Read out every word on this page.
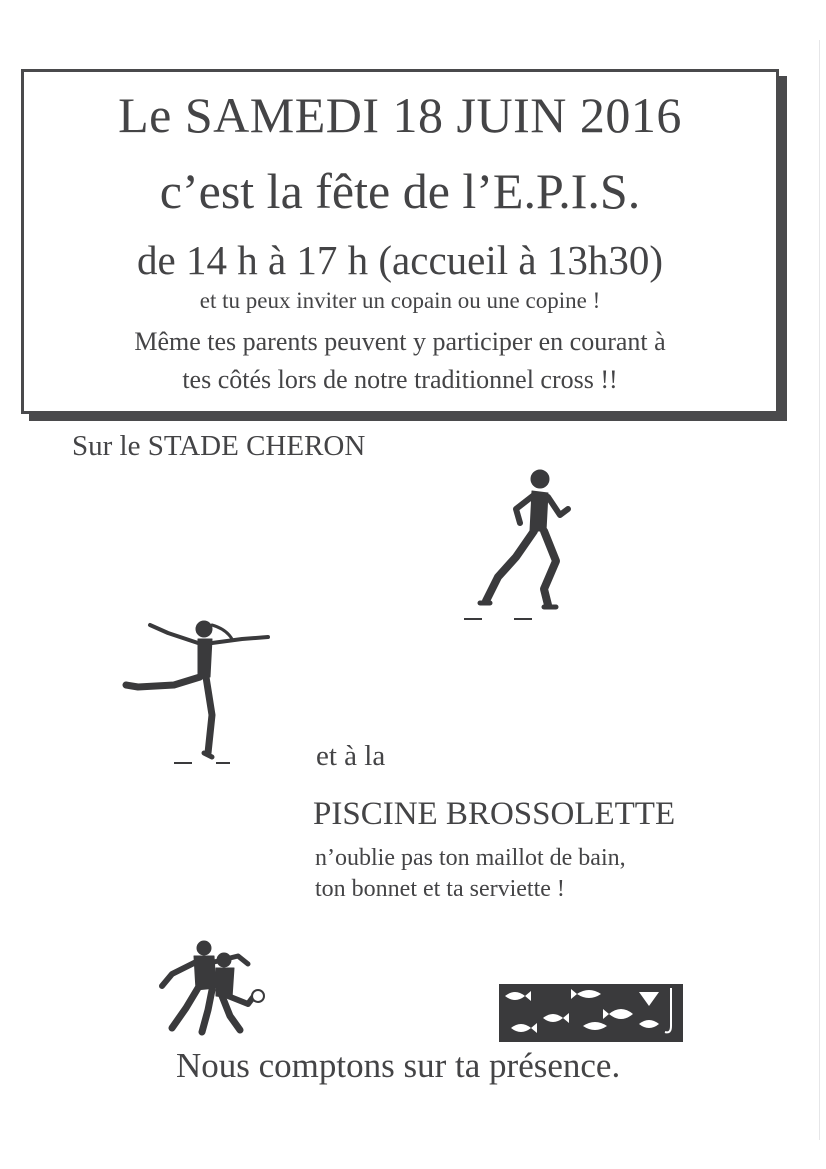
Le SAMEDI 18 JUIN 2016
c’est la fête de l’E.P.I.S.
de 14 h à 17 h (accueil à 13h30)
et tu peux inviter un copain ou une copine !
Même tes parents peuvent y participer en courant à
tes côtés lors de notre traditionnel cross !!
Sur le STADE CHERON
et à la
PISCINE BROSSOLETTE
n’oublie pas ton maillot de bain,
ton bonnet et ta serviette !
Nous comptons sur ta présence.
